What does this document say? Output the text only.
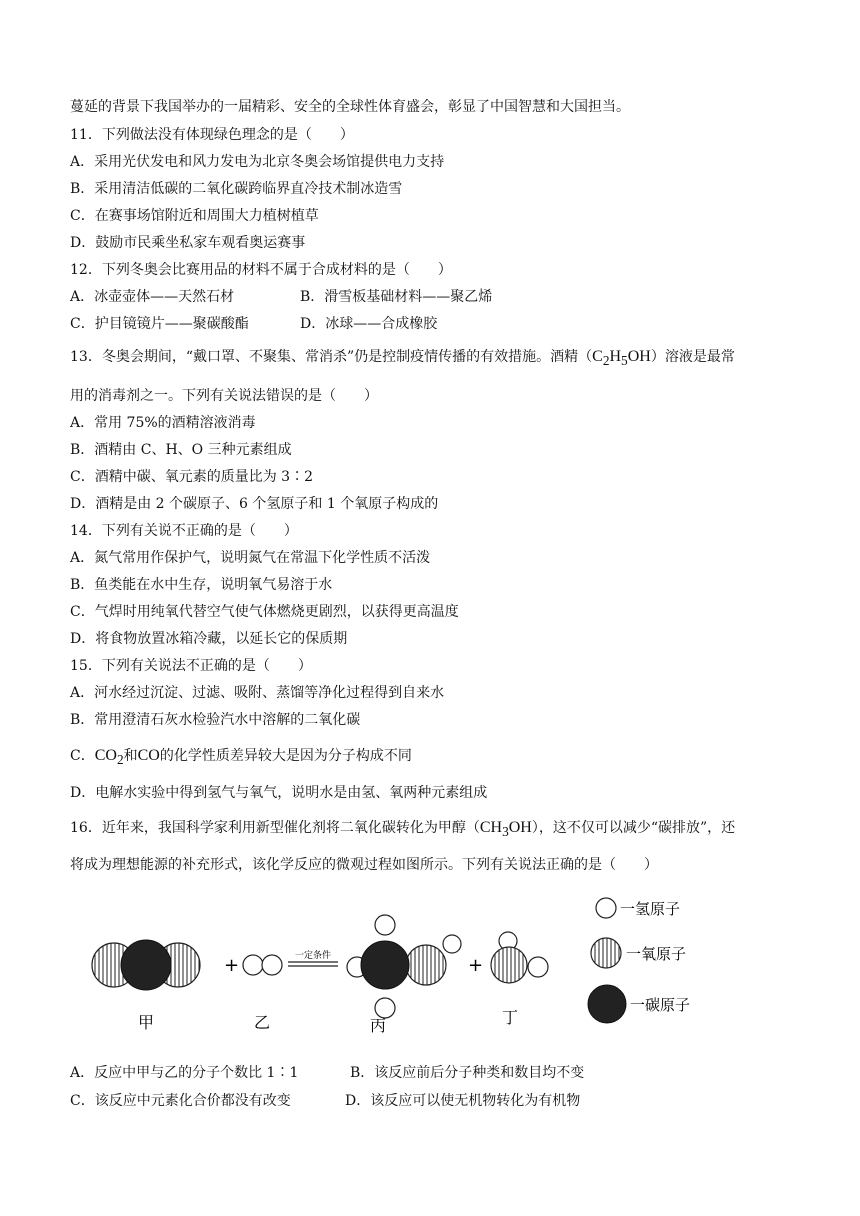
蔓延的背景下我国举办的一届精彩、安全的全球性体育盛会，彰显了中国智慧和大国担当。
11．下列做法没有体现绿色理念的是（　　）
A．采用光伏发电和风力发电为北京冬奥会场馆提供电力支持
B．采用清洁低碳的二氧化碳跨临界直冷技术制冰造雪
C．在赛事场馆附近和周围大力植树植草
D．鼓励市民乘坐私家车观看奥运赛事
12．下列冬奥会比赛用品的材料不属于合成材料的是（　　）
A．冰壶壶体——天然石材	B．滑雪板基础材料——聚乙烯
C．护目镜镜片——聚碳酸酯	D．冰球——合成橡胶
13．冬奥会期间，“戴口罩、不聚集、常消杀”仍是控制疫情传播的有效措施。酒精$(C_2H_5OH)$溶液是最常
用的消毒剂之一。下列有关说法错误的是（　　）
A．常用 75%的酒精溶液消毒
B．酒精由 C、H、O 三种元素组成
C．酒精中碳、氧元素的质量比为 3∶2
D．酒精是由 2 个碳原子、6 个氢原子和 1 个氧原子构成的
14．下列有关说不正确的是（　　）
A．氮气常用作保护气，说明氮气在常温下化学性质不活泼
B．鱼类能在水中生存，说明氧气易溶于水
C．气焊时用纯氧代替空气使气体燃烧更剧烈，以获得更高温度
D．将食物放置冰箱冷藏，以延长它的保质期
15．下列有关说法不正确的是（　　）
A．河水经过沉淀、过滤、吸附、蒸馏等净化过程得到自来水
B．常用澄清石灰水检验汽水中溶解的二氧化碳
C．$CO_2$和CO的化学性质差异较大是因为分子构成不同
D．电解水实验中得到氢气与氧气，说明水是由氢、氧两种元素组成
16．近年来，我国科学家利用新型催化剂将二氧化碳转化为甲醇$(CH_3OH)$，这不仅可以减少“碳排放”，还
将成为理想能源的补充形式，该化学反应的微观过程如图所示。下列有关说法正确的是（　　）
+	一定条件	+
甲	乙	丙	丁
一氢原子
一氧原子
一碳原子
A．反应中甲与乙的分子个数比 1∶1	B．该反应前后分子种类和数目均不变
C．该反应中元素化合价都没有改变	D．该反应可以使无机物转化为有机物
